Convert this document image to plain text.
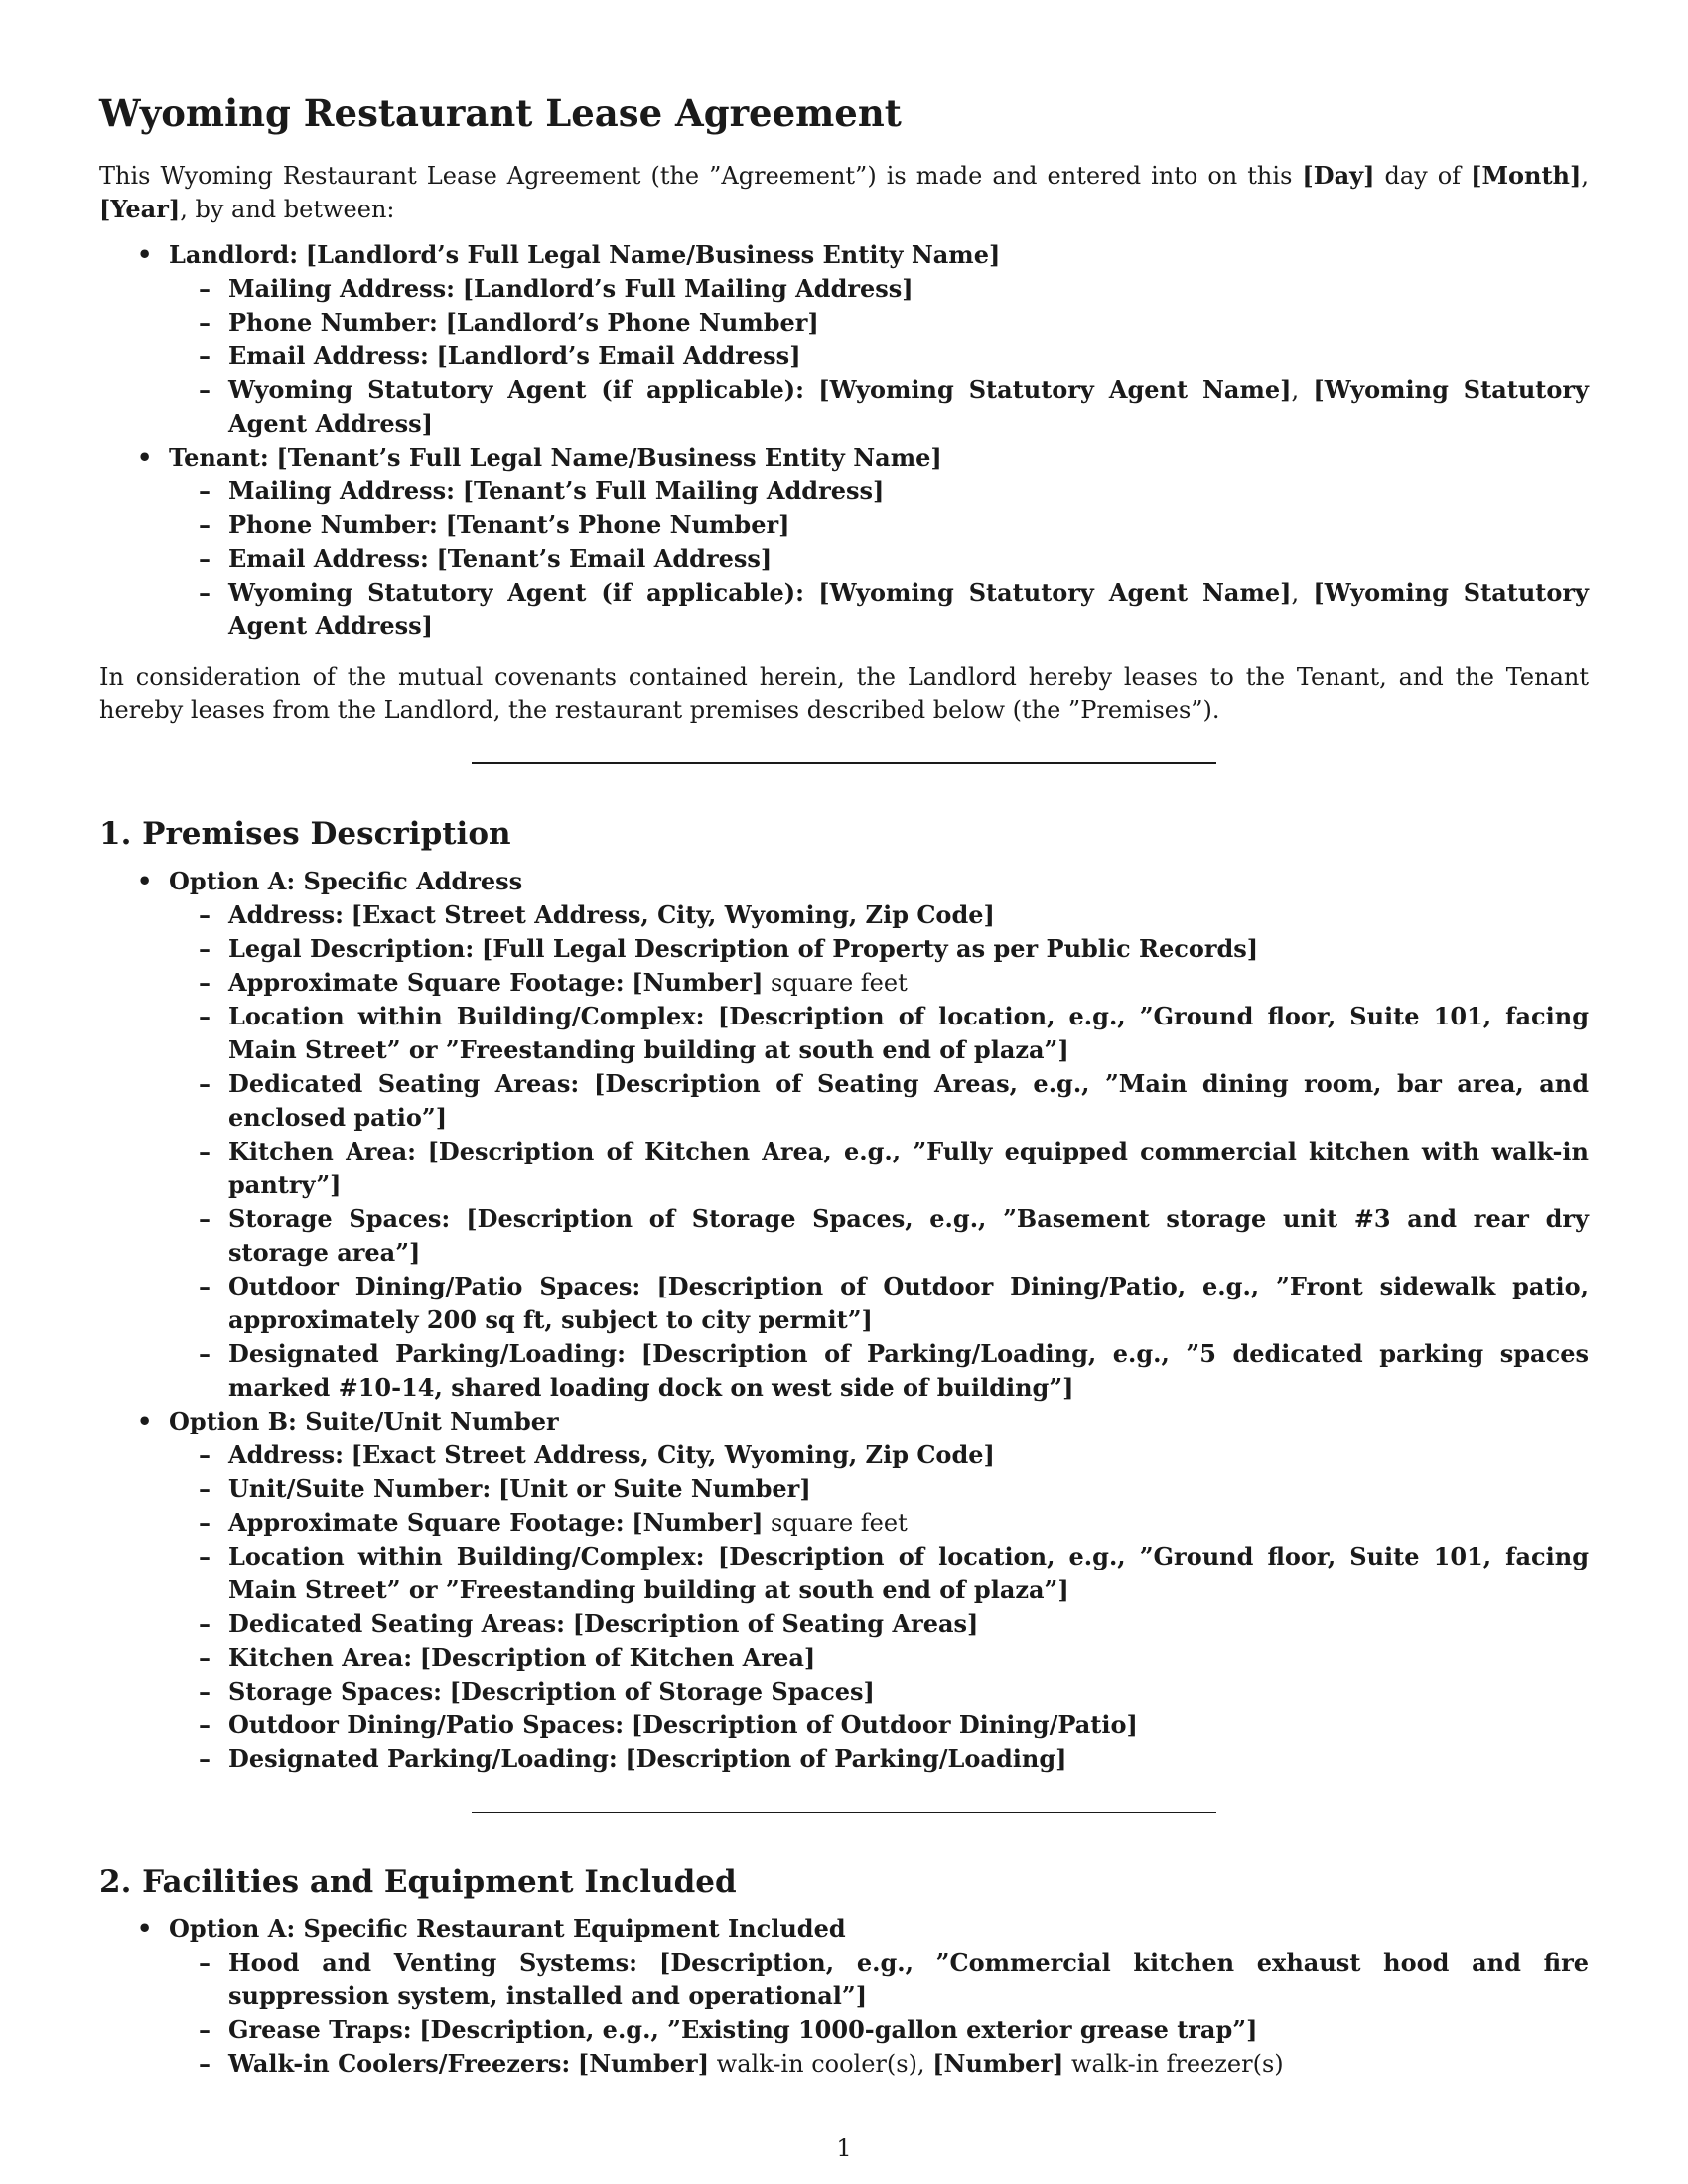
Wyoming Restaurant Lease Agreement

This Wyoming Restaurant Lease Agreement (the ”Agreement”) is made and entered into on this [Day] day of [Month], [Year], by and between:

• Landlord: [Landlord’s Full Legal Name/Business Entity Name]
– Mailing Address: [Landlord’s Full Mailing Address]
– Phone Number: [Landlord’s Phone Number]
– Email Address: [Landlord’s Email Address]
– Wyoming Statutory Agent (if applicable): [Wyoming Statutory Agent Name], [Wyoming Statutory Agent Address]
• Tenant: [Tenant’s Full Legal Name/Business Entity Name]
– Mailing Address: [Tenant’s Full Mailing Address]
– Phone Number: [Tenant’s Phone Number]
– Email Address: [Tenant’s Email Address]
– Wyoming Statutory Agent (if applicable): [Wyoming Statutory Agent Name], [Wyoming Statutory Agent Address]

In consideration of the mutual covenants contained herein, the Landlord hereby leases to the Tenant, and the Tenant hereby leases from the Landlord, the restaurant premises described below (the ”Premises”).

1. Premises Description
• Option A: Specific Address
– Address: [Exact Street Address, City, Wyoming, Zip Code]
– Legal Description: [Full Legal Description of Property as per Public Records]
– Approximate Square Footage: [Number] square feet
– Location within Building/Complex: [Description of location, e.g., ”Ground floor, Suite 101, facing Main Street” or ”Freestanding building at south end of plaza”]
– Dedicated Seating Areas: [Description of Seating Areas, e.g., ”Main dining room, bar area, and enclosed patio”]
– Kitchen Area: [Description of Kitchen Area, e.g., ”Fully equipped commercial kitchen with walk-in pantry”]
– Storage Spaces: [Description of Storage Spaces, e.g., ”Basement storage unit #3 and rear dry storage area”]
– Outdoor Dining/Patio Spaces: [Description of Outdoor Dining/Patio, e.g., ”Front sidewalk patio, approximately 200 sq ft, subject to city permit”]
– Designated Parking/Loading: [Description of Parking/Loading, e.g., ”5 dedicated parking spaces marked #10-14, shared loading dock on west side of building”]
• Option B: Suite/Unit Number
– Address: [Exact Street Address, City, Wyoming, Zip Code]
– Unit/Suite Number: [Unit or Suite Number]
– Approximate Square Footage: [Number] square feet
– Location within Building/Complex: [Description of location, e.g., ”Ground floor, Suite 101, facing Main Street” or ”Freestanding building at south end of plaza”]
– Dedicated Seating Areas: [Description of Seating Areas]
– Kitchen Area: [Description of Kitchen Area]
– Storage Spaces: [Description of Storage Spaces]
– Outdoor Dining/Patio Spaces: [Description of Outdoor Dining/Patio]
– Designated Parking/Loading: [Description of Parking/Loading]
2. Facilities and Equipment Included
• Option A: Specific Restaurant Equipment Included
– Hood and Venting Systems: [Description, e.g., ”Commercial kitchen exhaust hood and fire suppression system, installed and operational”]
– Grease Traps: [Description, e.g., ”Existing 1000-gallon exterior grease trap”]
– Walk-in Coolers/Freezers: [Number] walk-in cooler(s), [Number] walk-in freezer(s)
1
